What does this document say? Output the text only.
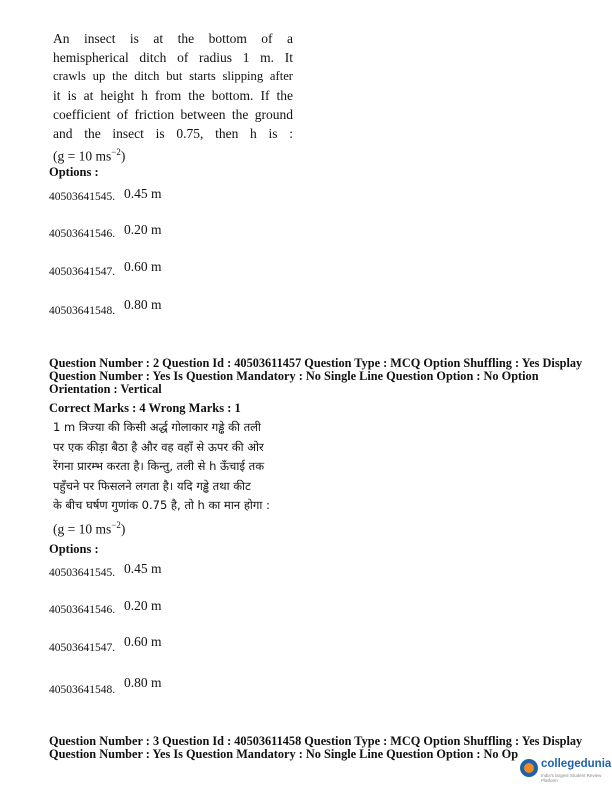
An insect is at the bottom of a
hemispherical ditch of radius 1 m. It
crawls up the ditch but starts slipping after
it is at height h from the bottom. If the
coefficient of friction between the ground
and the insect is 0.75, then h is :
(g = 10 $ms^{-2}$)
Options :
40503641545. 0.45 m
40503641546. 0.20 m
40503641547. 0.60 m
40503641548. 0.80 m
Question Number : 2 Question Id : 40503611457 Question Type : MCQ Option Shuffling : Yes Display
Question Number : Yes Is Question Mandatory : No Single Line Question Option : No Option
Orientation : Vertical
Correct Marks : 4 Wrong Marks : 1
1 m त्रिज्या की किसी अर्द्ध गोलाकार गड्ढे की तली
पर एक कीड़ा बैठा है और वह वहाँ से ऊपर की ओर
रेंगना प्रारम्भ करता है। किन्तु, तली से h ऊँचाई तक
पहुँचने पर फिसलने लगता है। यदि गड्ढे तथा कीट
के बीच घर्षण गुणांक 0.75 है, तो h का मान होगा :
(g = 10 $ms^{-2}$)
Options :
40503641545. 0.45 m
40503641546. 0.20 m
40503641547. 0.60 m
40503641548. 0.80 m
Question Number : 3 Question Id : 40503611458 Question Type : MCQ Option Shuffling : Yes Display
Question Number : Yes Is Question Mandatory : No Single Line Question Option : No Op
collegedunia
India's largest Student Review Platform
